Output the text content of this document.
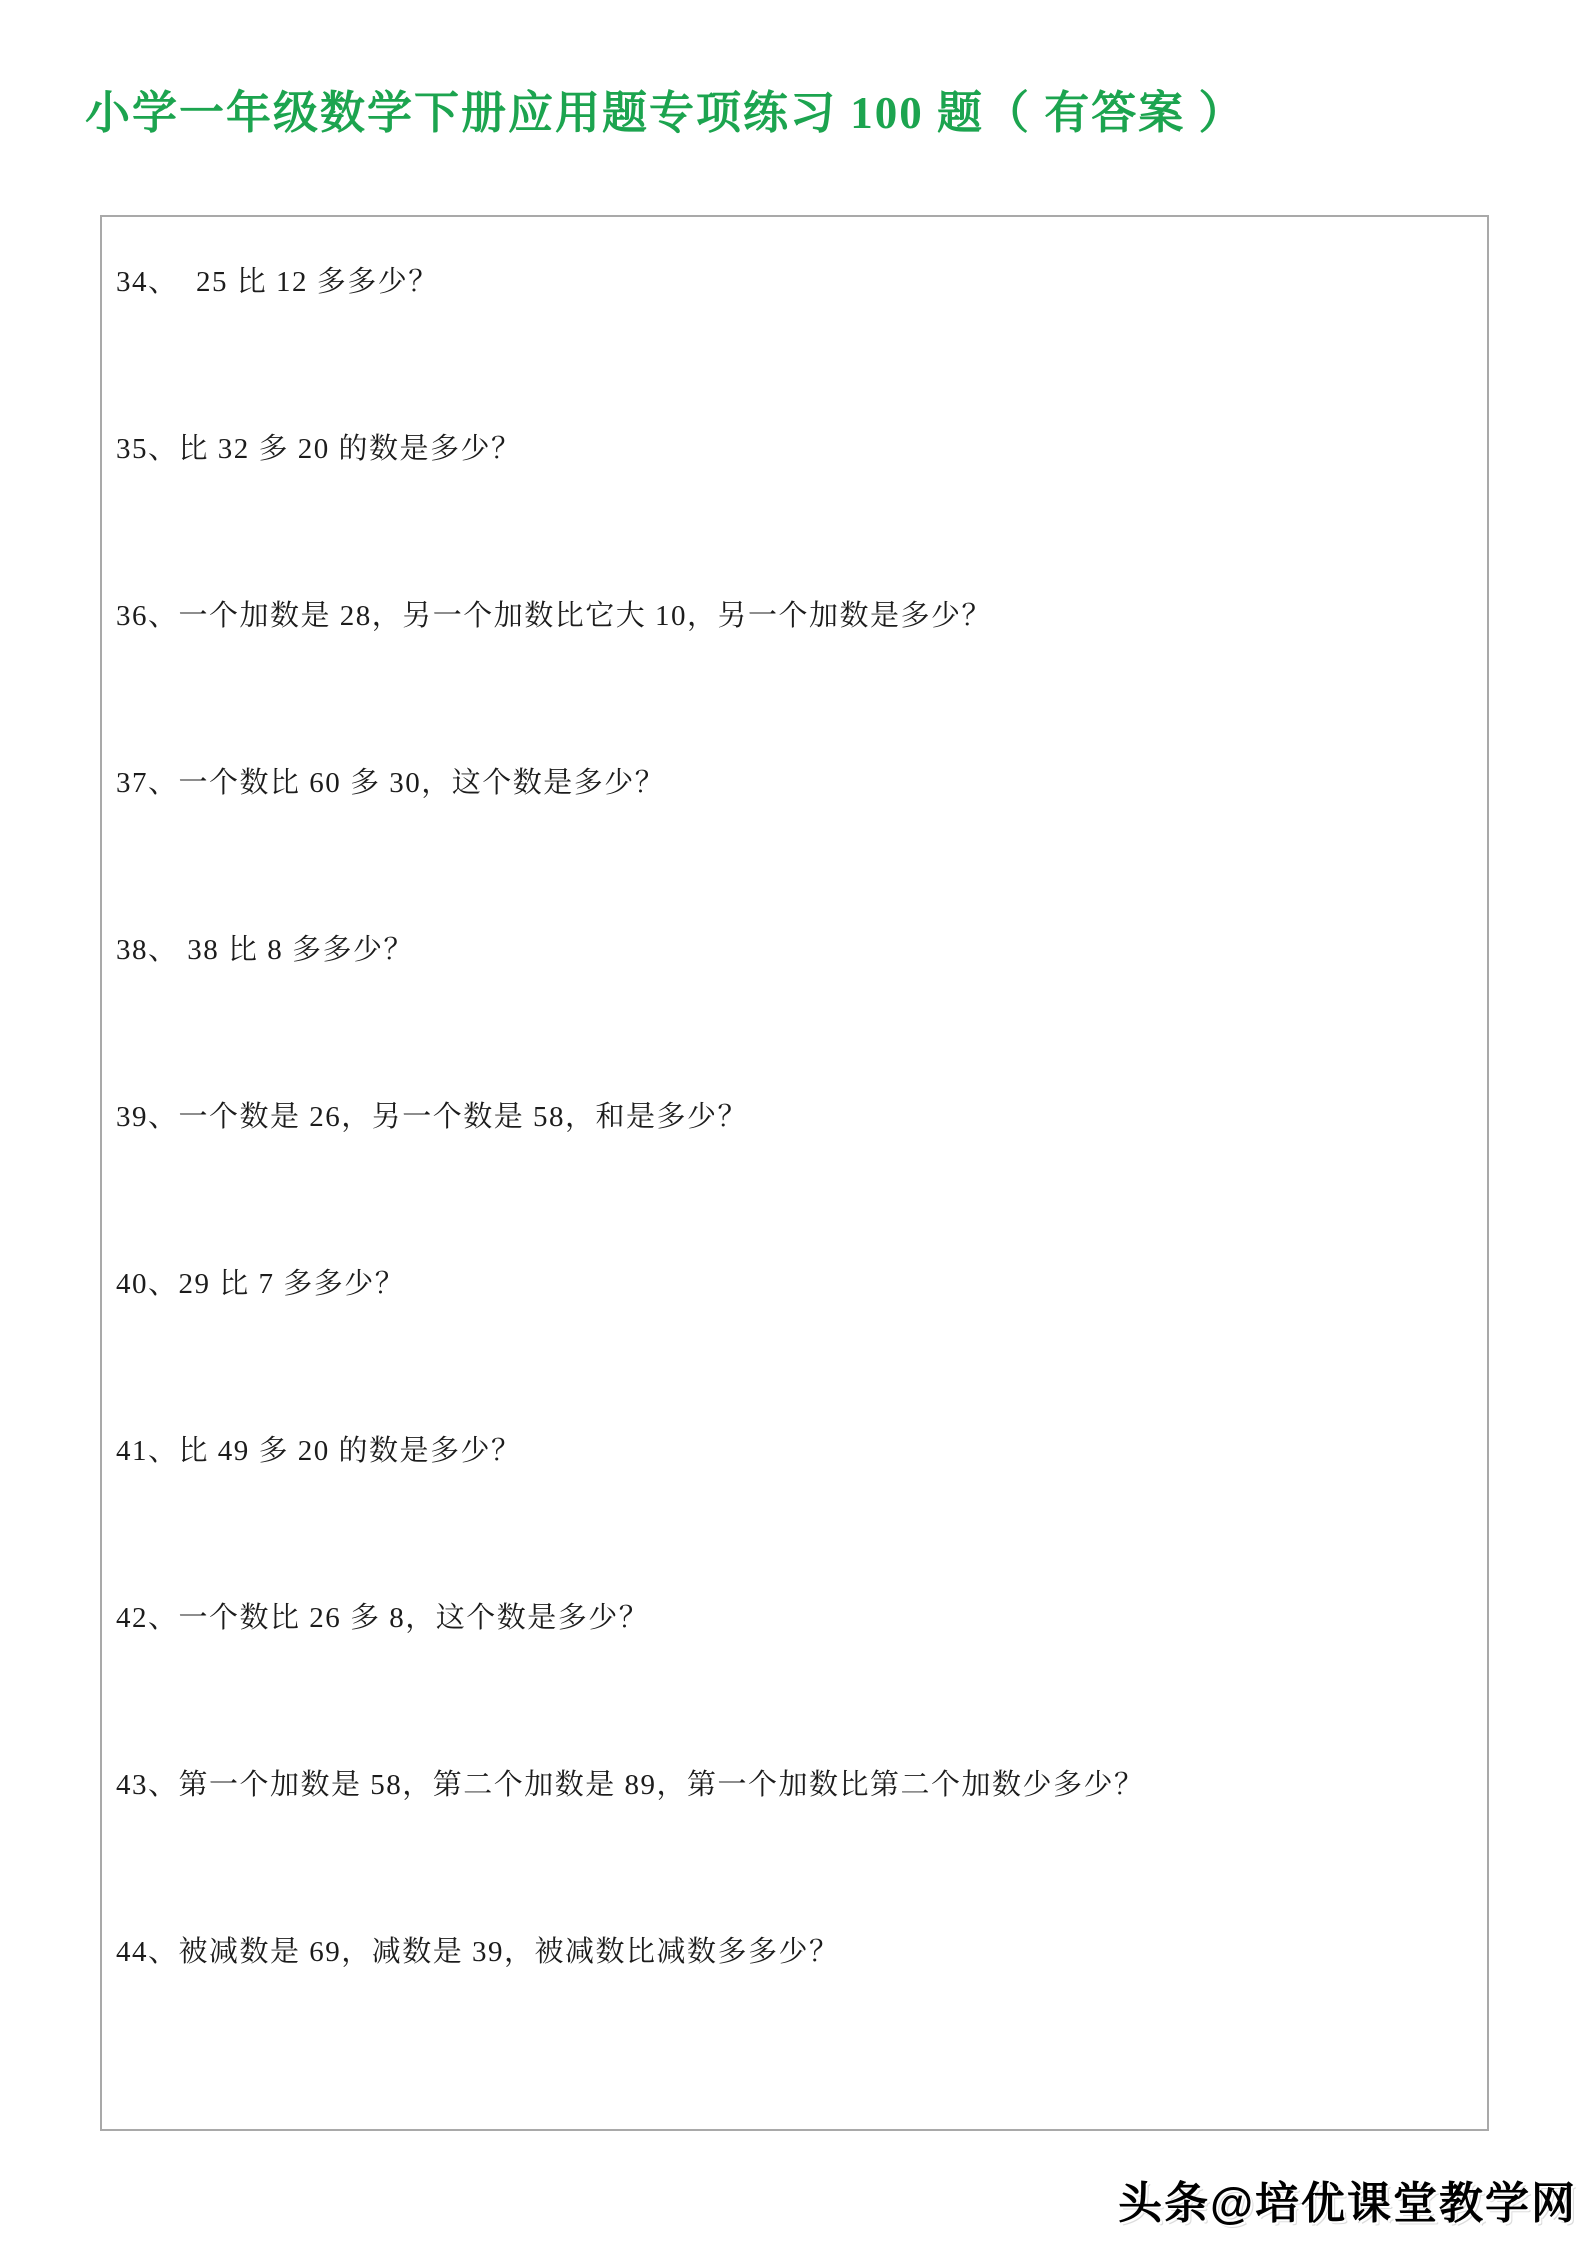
小学一年级数学下册应用题专项练习 100 题（ 有答案 ）
34、  25 比 12 多多少？
35、比 32 多 20 的数是多少？
36、一个加数是 28，另一个加数比它大 10，另一个加数是多少？
37、一个数比 60 多 30，这个数是多少？
38、 38 比 8 多多少？
39、一个数是 26，另一个数是 58，和是多少？
40、29 比 7 多多少？
41、比 49 多 20 的数是多少？
42、一个数比 26 多 8，这个数是多少？
43、第一个加数是 58，第二个加数是 89，第一个加数比第二个加数少多少？
44、被减数是 69，减数是 39，被减数比减数多多少？
头条@培优课堂教学网
